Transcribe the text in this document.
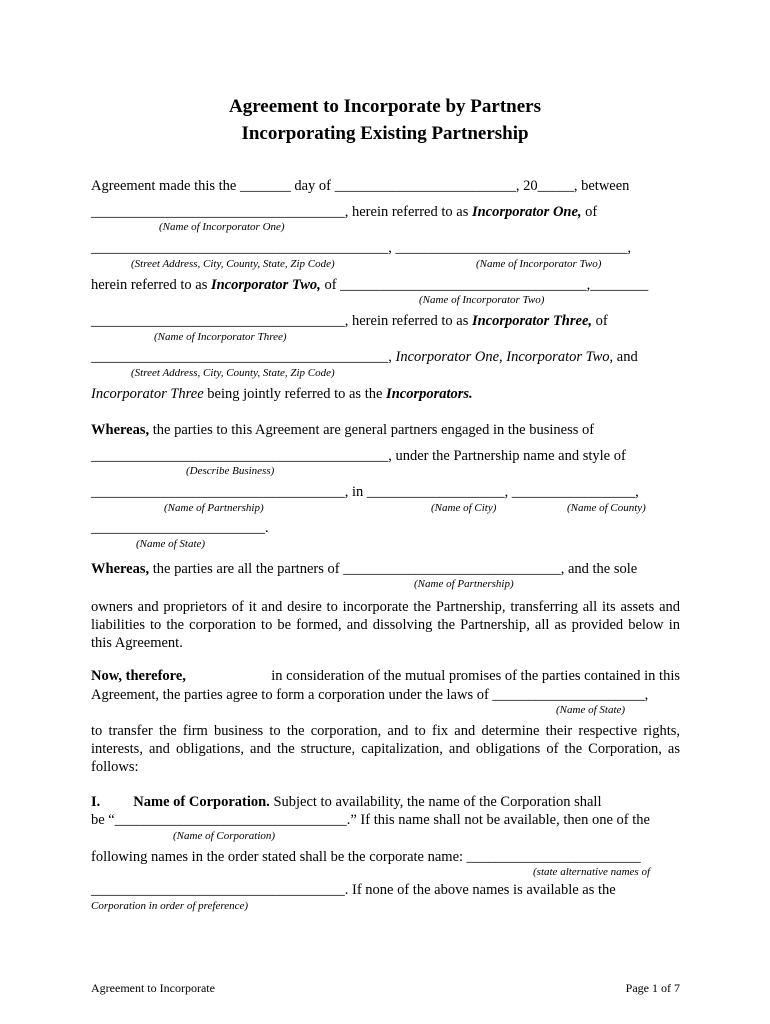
Agreement to Incorporate by Partners
Incorporating Existing Partnership
Agreement made this the _______ day of _________________________, 20_____, between
___________________________________, herein referred to as Incorporator One, of
(Name of Incorporator One)
_________________________________________, ________________________________,
(Street Address, City, County, State, Zip Code)	(Name of Incorporator Two)
herein referred to as Incorporator Two, of __________________________________,________
(Name of Incorporator Two)
___________________________________, herein referred to as Incorporator Three, of
(Name of Incorporator Three)
_________________________________________, Incorporator One, Incorporator Two, and
(Street Address, City, County, State, Zip Code)
Incorporator Three being jointly referred to as the Incorporators.
Whereas, the parties to this Agreement are general partners engaged in the business of
_________________________________________, under the Partnership name and style of
(Describe Business)
___________________________________, in ___________________, _________________,
(Name of Partnership)	(Name of City)	(Name of County)
________________________.
(Name of State)
Whereas, the parties are all the partners of ______________________________, and the sole
(Name of Partnership)
owners and proprietors of it and desire to incorporate the Partnership, transferring all its assets and liabilities to the corporation to be formed, and dissolving the Partnership, all as provided below in this Agreement.
Now, therefore,	in consideration of the mutual promises of the parties contained in this
Agreement, the parties agree to form a corporation under the laws of _____________________,
(Name of State)
to transfer the firm business to the corporation, and to fix and determine their respective rights, interests, and obligations, and the structure, capitalization, and obligations of the Corporation, as follows:
I. Name of Corporation. Subject to availability, the name of the Corporation shall
be “________________________________.” If this name shall not be available, then one of the
(Name of Corporation)
following names in the order stated shall be the corporate name: ________________________
(state alternative names of
___________________________________. If none of the above names is available as the
Corporation in order of preference)
Agreement to Incorporate	Page 1 of 7
